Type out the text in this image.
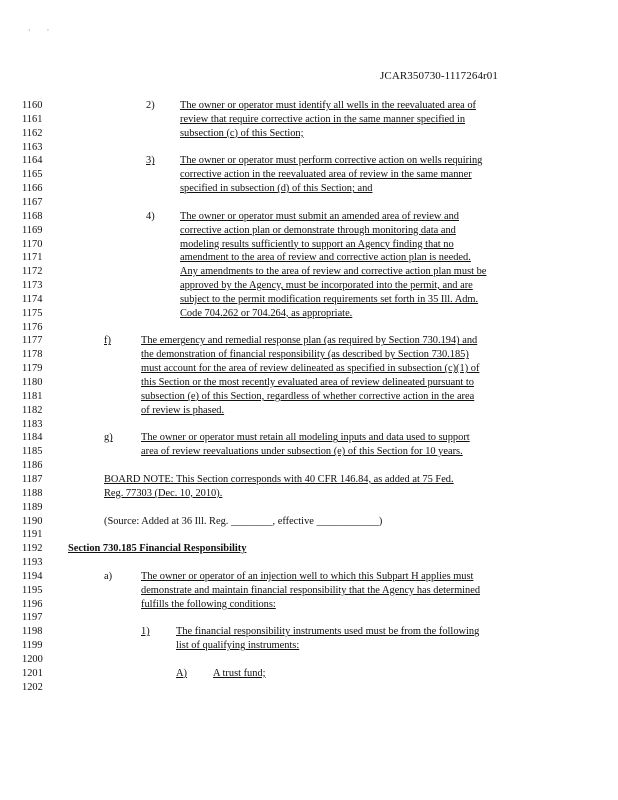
·        ·
JCAR350730-1117264r01
1160	2) The owner or operator must identify all wells in the reevaluated area of
1161	review that require corrective action in the same manner specified in
1162	subsection (c) of this Section;
1163
1164	3) The owner or operator must perform corrective action on wells requiring
1165	corrective action in the reevaluated area of review in the same manner
1166	specified in subsection (d) of this Section; and
1167
1168	4) The owner or operator must submit an amended area of review and
1169	corrective action plan or demonstrate through monitoring data and
1170	modeling results sufficiently to support an Agency finding that no
1171	amendment to the area of review and corrective action plan is needed.
1172	Any amendments to the area of review and corrective action plan must be
1173	approved by the Agency, must be incorporated into the permit, and are
1174	subject to the permit modification requirements set forth in 35 Ill. Adm.
1175	Code 704.262 or 704.264, as appropriate.
1176
1177	f)	The emergency and remedial response plan (as required by Section 730.194) and
1178	the demonstration of financial responsibility (as described by Section 730.185)
1179	must account for the area of review delineated as specified in subsection (c)(1) of
1180	this Section or the most recently evaluated area of review delineated pursuant to
1181	subsection (e) of this Section, regardless of whether corrective action in the area
1182	of review is phased.
1183
1184	g)	The owner or operator must retain all modeling inputs and data used to support
1185	area of review reevaluations under subsection (e) of this Section for 10 years.
1186
1187	BOARD NOTE: This Section corresponds with 40 CFR 146.84, as added at 75 Fed.
1188	Reg. 77303 (Dec. 10, 2010).
1189
1190	(Source: Added at 36 Ill. Reg. ________, effective ____________)
1191
1192	Section 730.185 Financial Responsibility
1193
1194	a)	The owner or operator of an injection well to which this Subpart H applies must
1195	demonstrate and maintain financial responsibility that the Agency has determined
1196	fulfills the following conditions:
1197
1198	1)	The financial responsibility instruments used must be from the following
1199	list of qualifying instruments:
1200
1201	A)	A trust fund;
1202
